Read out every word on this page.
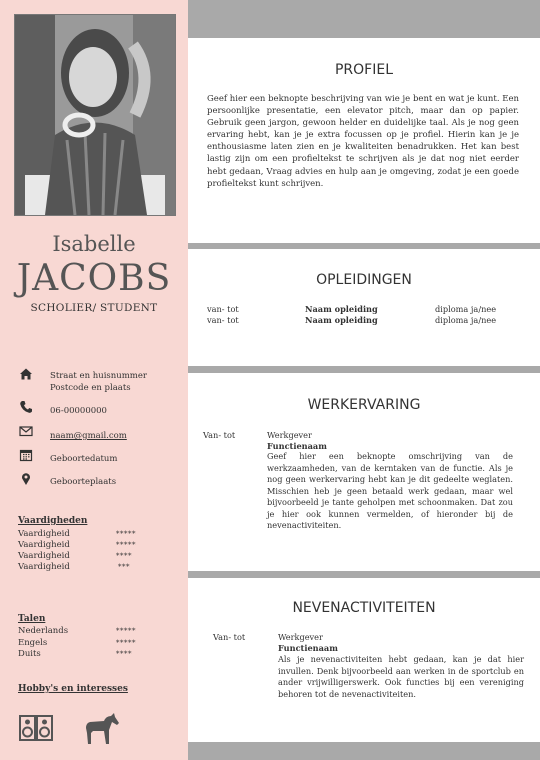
Isabelle
JACOBS
SCHOLIER/ STUDENT
Straat en huisnummer
Postcode en plaats
06-00000000
naam@gmail.com
Geboortedatum
Geboorteplaats
Vaardigheden
Vaardigheid	*****
Vaardigheid	*****
Vaardigheid	****
Vaardigheid	***
Talen
Nederlands	*****
Engels	*****
Duits	****
Hobby's en interesses
PROFIEL
Geef hier een beknopte beschrijving van wie je bent en wat je kunt. Een persoonlijke presentatie, een elevator pitch, maar dan op papier. Gebruik geen jargon, gewoon helder en duidelijke taal. Als je nog geen ervaring hebt, kan je je extra focussen op je profiel. Hierin kan je je enthousiasme laten zien en je kwaliteiten benadrukken. Het kan best lastig zijn om een profieltekst te schrijven als je dat nog niet eerder hebt gedaan, Vraag advies en hulp aan je omgeving, zodat je een goede profieltekst kunt schrijven.
OPLEIDINGEN
van- tot	Naam opleiding	diploma ja/nee
van- tot	Naam opleiding	diploma ja/nee
WERKERVARING
Van- tot	Werkgever
Functienaam
Geef hier een beknopte omschrijving van de werkzaamheden, van de kerntaken van de functie. Als je nog geen werkervaring hebt kan je dit gedeelte weglaten. Misschien heb je geen betaald werk gedaan, maar wel bijvoorbeeld je tante geholpen met schoonmaken. Dat zou je hier ook kunnen vermelden, of hieronder bij de nevenactiviteiten.
NEVENACTIVITEITEN
Van- tot	Werkgever
Functienaam
Als je nevenactiviteiten hebt gedaan, kan je dat hier invullen. Denk bijvoorbeeld aan werken in de sportclub en ander vrijwilligerswerk. Ook functies bij een vereniging behoren tot de nevenactiviteiten.
